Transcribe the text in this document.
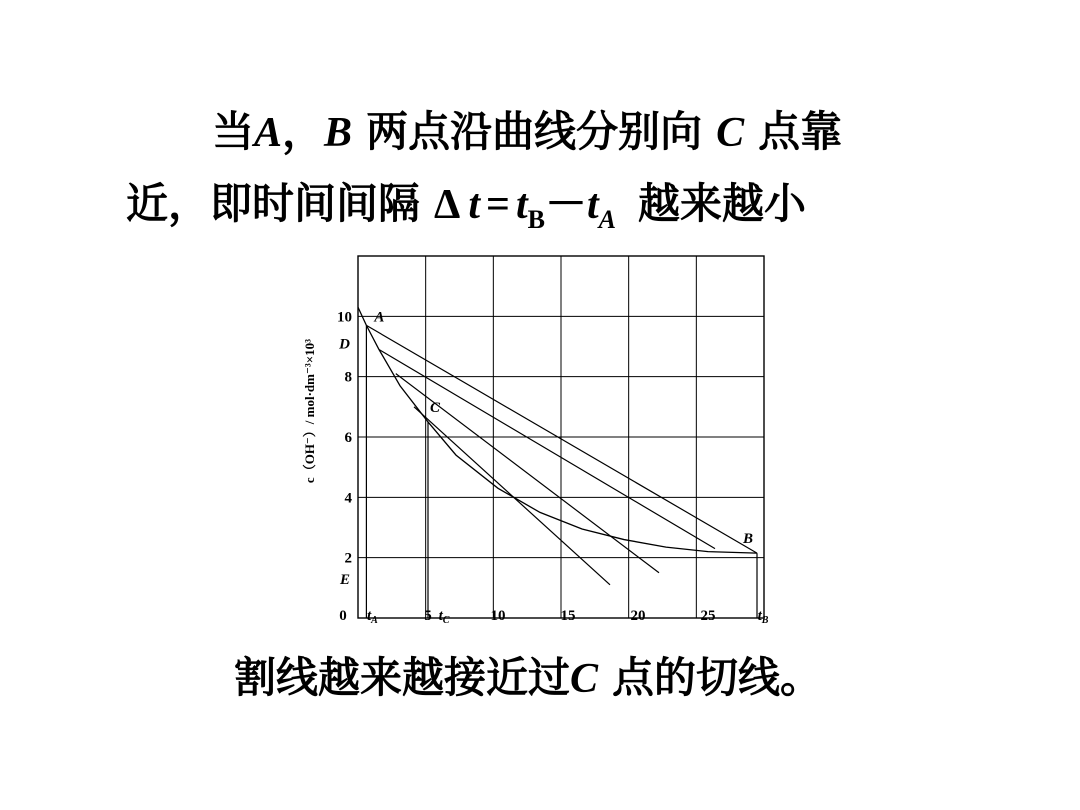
当A，B 两点沿曲线分别向 C 点靠
近，即时间间隔 Δ $t = t_B-t_A$ 越来越小
A
C
B
10
8
6
4
2
D
E
0	5	10	15	20	25
$t_A$	$t_C$	$t_B$
c（OH⁻）/ mol·dm⁻³×10³
割线越来越接近过C 点的切线。
